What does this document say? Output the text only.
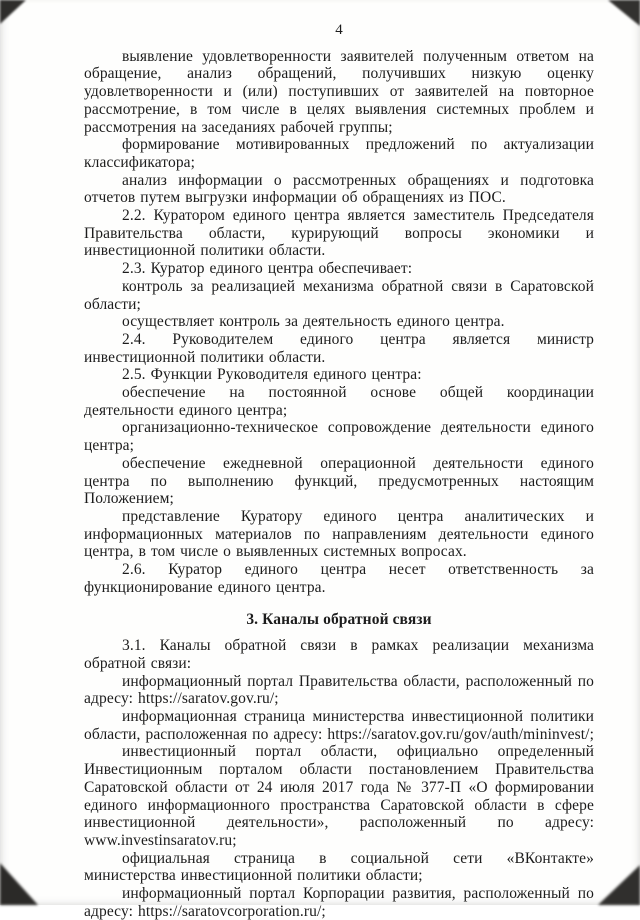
4

выявление удовлетворенности заявителей полученным ответом на обращение, анализ обращений, получивших низкую оценку удовлетворенности и (или) поступивших от заявителей на повторное рассмотрение, в том числе в целях выявления системных проблем и рассмотрения на заседаниях рабочей группы;

формирование мотивированных предложений по актуализации классификатора;

анализ информации о рассмотренных обращениях и подготовка отчетов путем выгрузки информации об обращениях из ПОС.

2.2. Куратором единого центра является заместитель Председателя Правительства области, курирующий вопросы экономики и инвестиционной политики области.

2.3. Куратор единого центра обеспечивает:

контроль за реализацией механизма обратной связи в Саратовской области;

осуществляет контроль за деятельность единого центра.

2.4. Руководителем единого центра является министр инвестиционной политики области.

2.5. Функции Руководителя единого центра:

обеспечение на постоянной основе общей координации деятельности единого центра;

организационно-техническое сопровождение деятельности единого центра;

обеспечение ежедневной операционной деятельности единого центра по выполнению функций, предусмотренных настоящим Положением;

представление Куратору единого центра аналитических и информационных материалов по направлениям деятельности единого центра, в том числе о выявленных системных вопросах.

2.6. Куратор единого центра несет ответственность за функционирование единого центра.

3. Каналы обратной связи

3.1. Каналы обратной связи в рамках реализации механизма обратной связи:

информационный портал Правительства области, расположенный по адресу: https://saratov.gov.ru/;

информационная страница министерства инвестиционной политики области, расположенная по адресу: https://saratov.gov.ru/gov/auth/mininvest/;

инвестиционный портал области, официально определенный Инвестиционным порталом области постановлением Правительства Саратовской области от 24 июля 2017 года № 377-П «О формировании единого информационного пространства Саратовской области в сфере инвестиционной деятельности», расположенный по адресу: www.investinsaratov.ru;

официальная страница в социальной сети «ВКонтакте» министерства инвестиционной политики области;

информационный портал Корпорации развития, расположенный по адресу: https://saratovcorporation.ru/;
